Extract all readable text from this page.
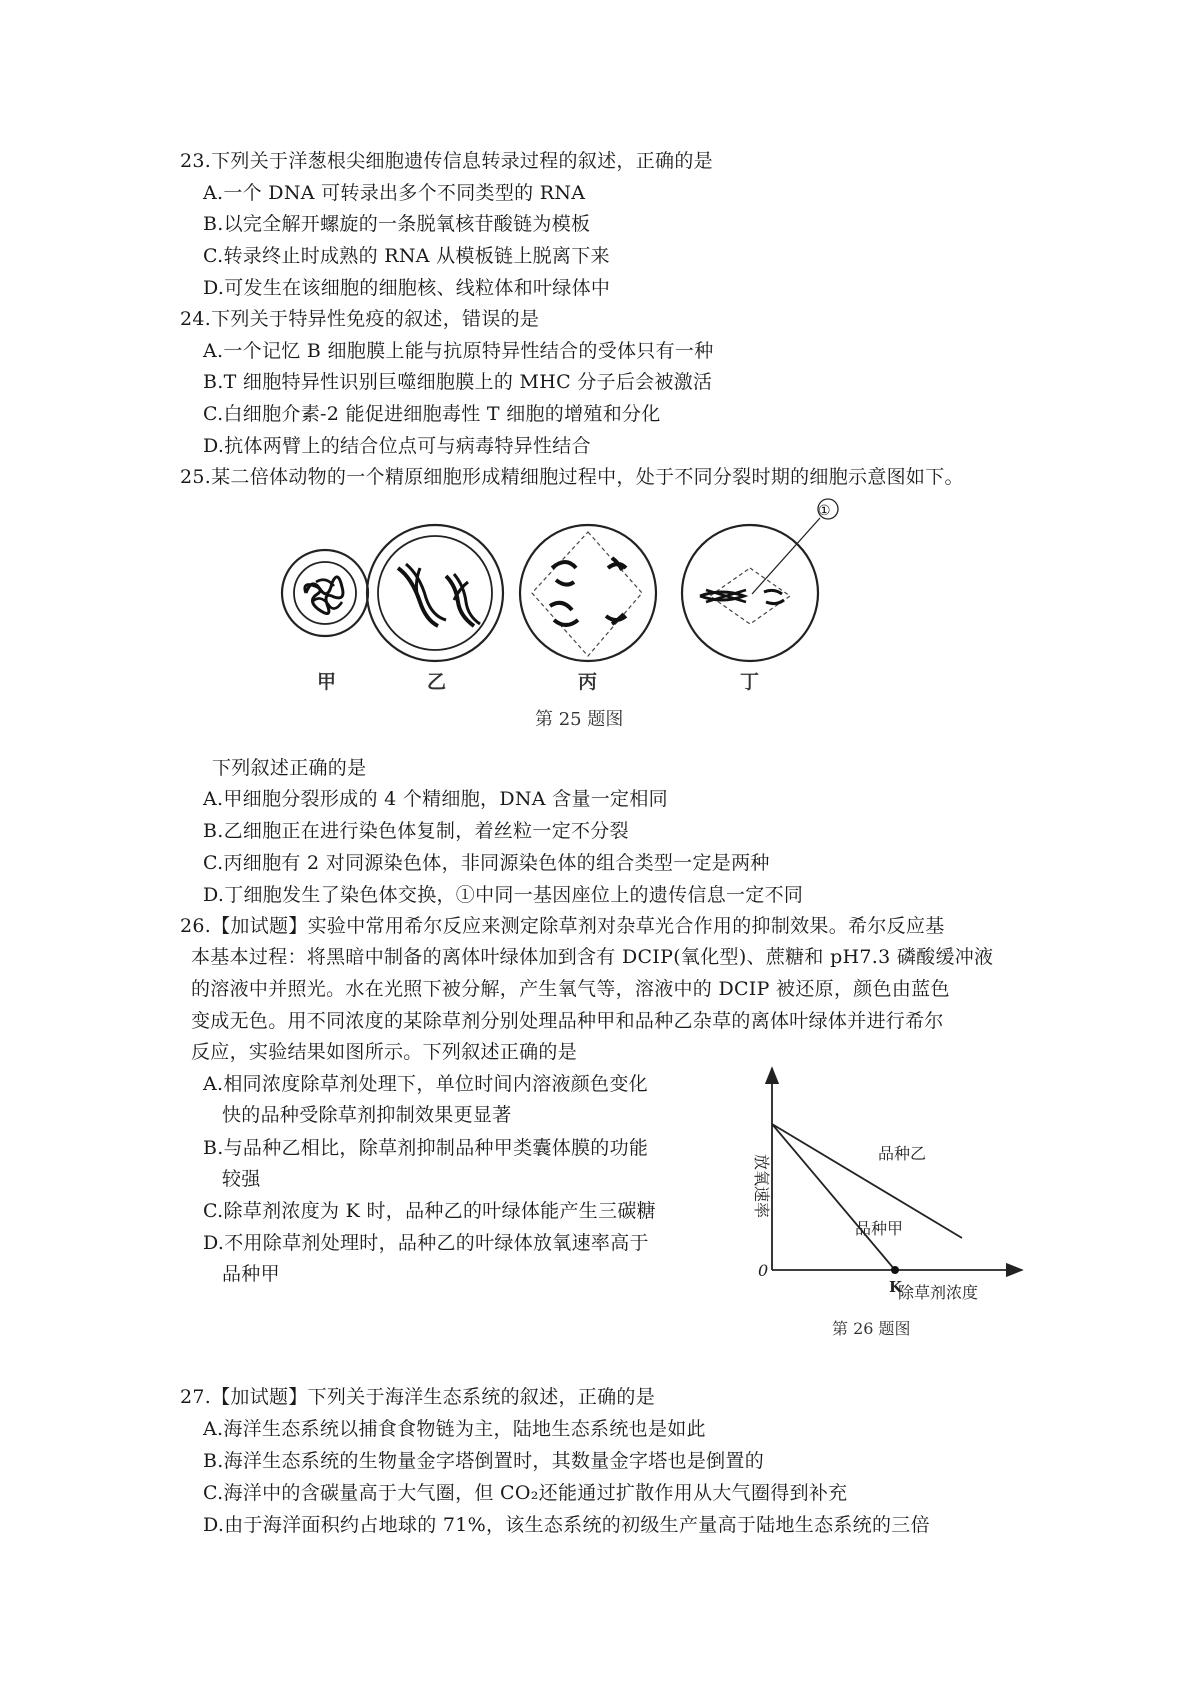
23.下列关于洋葱根尖细胞遗传信息转录过程的叙述，正确的是
A.一个 DNA 可转录出多个不同类型的 RNA
B.以完全解开螺旋的一条脱氧核苷酸链为模板
C.转录终止时成熟的 RNA 从模板链上脱离下来
D.可发生在该细胞的细胞核、线粒体和叶绿体中
24.下列关于特异性免疫的叙述，错误的是
A.一个记忆 B 细胞膜上能与抗原特异性结合的受体只有一种
B.T 细胞特异性识别巨噬细胞膜上的 MHC 分子后会被激活
C.白细胞介素-2 能促进细胞毒性 T 细胞的增殖和分化
D.抗体两臂上的结合位点可与病毒特异性结合
25.某二倍体动物的一个精原细胞形成精细胞过程中，处于不同分裂时期的细胞示意图如下。
①
甲	乙	丙	丁
第 25 题图
下列叙述正确的是
A.甲细胞分裂形成的 4 个精细胞，DNA 含量一定相同
B.乙细胞正在进行染色体复制，着丝粒一定不分裂
C.丙细胞有 2 对同源染色体，非同源染色体的组合类型一定是两种
D.丁细胞发生了染色体交换，①中同一基因座位上的遗传信息一定不同
26.【加试题】实验中常用希尔反应来测定除草剂对杂草光合作用的抑制效果。希尔反应基
本基本过程：将黑暗中制备的离体叶绿体加到含有 DCIP(氧化型)、蔗糖和 pH7.3 磷酸缓冲液
的溶液中并照光。水在光照下被分解，产生氧气等，溶液中的 DCIP 被还原，颜色由蓝色
变成无色。用不同浓度的某除草剂分别处理品种甲和品种乙杂草的离体叶绿体并进行希尔
反应，实验结果如图所示。下列叙述正确的是
A.相同浓度除草剂处理下，单位时间内溶液颜色变化
快的品种受除草剂抑制效果更显著
B.与品种乙相比，除草剂抑制品种甲类囊体膜的功能
较强
C.除草剂浓度为 K 时，品种乙的叶绿体能产生三碳糖
D.不用除草剂处理时，品种乙的叶绿体放氧速率高于
品种甲	0
K
除草剂浓度
放氧速率
品种乙
品种甲
第 26 题图
27.【加试题】下列关于海洋生态系统的叙述，正确的是
A.海洋生态系统以捕食食物链为主，陆地生态系统也是如此
B.海洋生态系统的生物量金字塔倒置时，其数量金字塔也是倒置的
C.海洋中的含碳量高于大气圈，但 CO₂还能通过扩散作用从大气圈得到补充
D.由于海洋面积约占地球的 71%，该生态系统的初级生产量高于陆地生态系统的三倍
